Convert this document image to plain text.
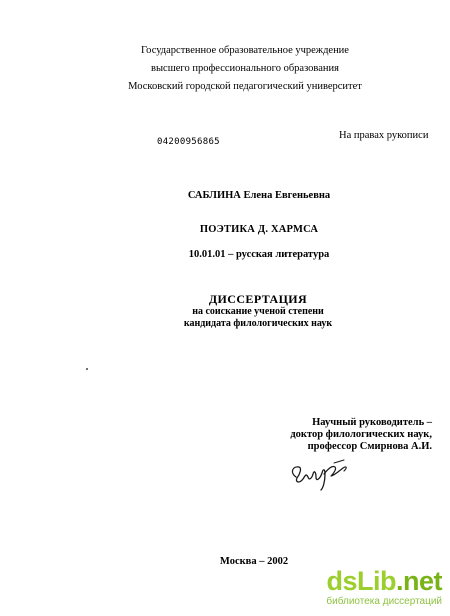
Государственное образовательное учреждение
высшего профессионального образования
Московский городской педагогический университет
04200956865
На правах рукописи
САБЛИНА Елена Евгеньевна
ПОЭТИКА Д. ХАРМСА
10.01.01 – русская литература
ДИССЕРТАЦИЯ
на соискание ученой степени
кандидата филологических наук
Научный руководитель –
доктор филологических наук,
профессор Смирнова А.И.
Москва – 2002
dsLib.net
библиотека диссертаций
